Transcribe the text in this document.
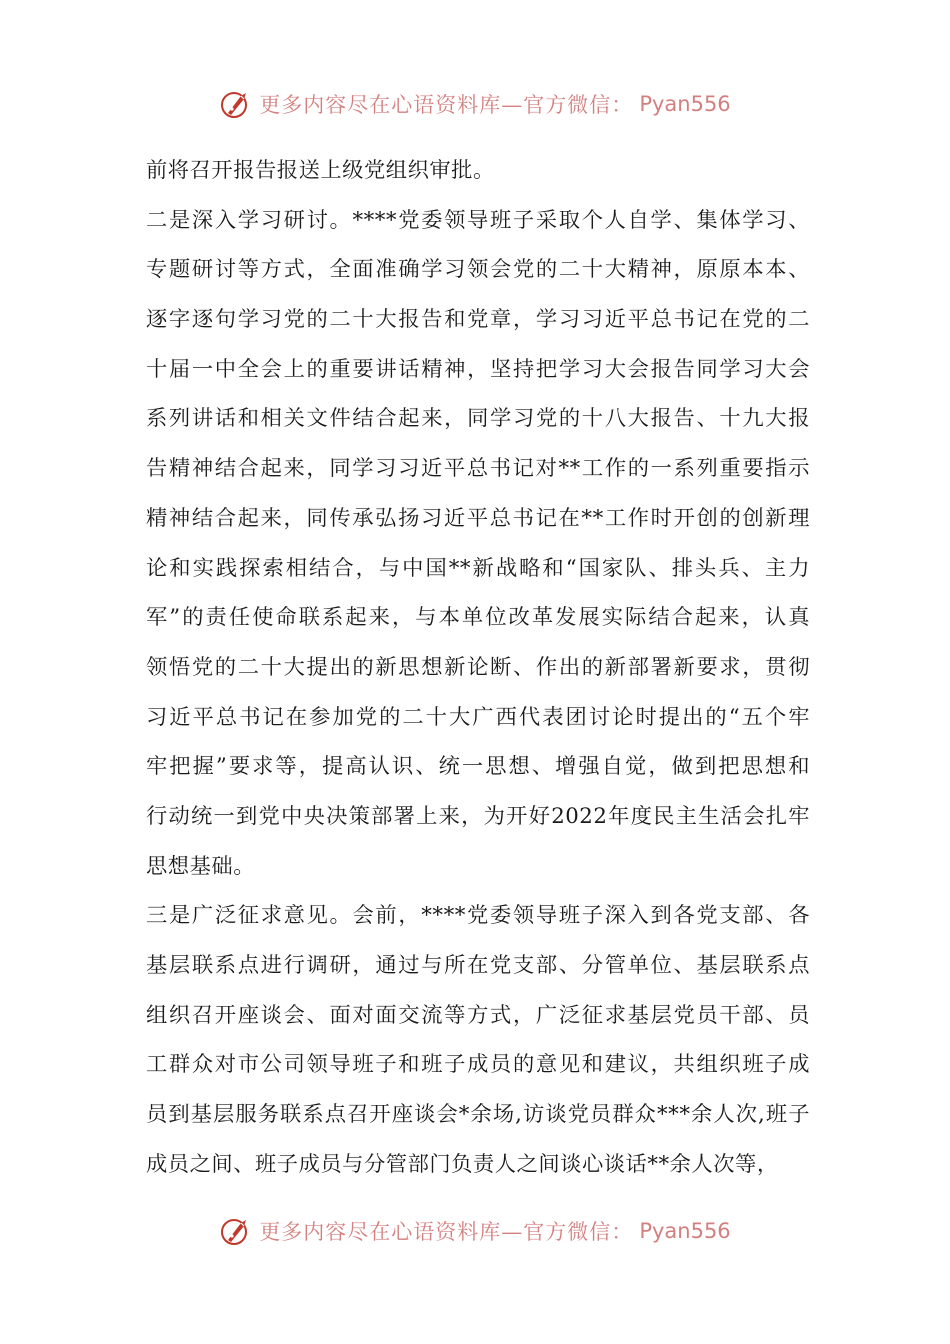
更多内容尽在心语资料库—官方微信： Pyan556
前将召开报告报送上级党组织审批。
二是深入学习研讨。****党委领导班子采取个人自学、集体学习、
专题研讨等方式，全面准确学习领会党的二十大精神，原原本本、
逐字逐句学习党的二十大报告和党章，学习习近平总书记在党的二
十届一中全会上的重要讲话精神，坚持把学习大会报告同学习大会
系列讲话和相关文件结合起来，同学习党的十八大报告、十九大报
告精神结合起来，同学习习近平总书记对**工作的一系列重要指示
精神结合起来，同传承弘扬习近平总书记在**工作时开创的创新理
论和实践探索相结合，与中国**新战略和“国家队、排头兵、主力
军”的责任使命联系起来，与本单位改革发展实际结合起来，认真
领悟党的二十大提出的新思想新论断、作出的新部署新要求，贯彻
习近平总书记在参加党的二十大广西代表团讨论时提出的“五个牢
牢把握”要求等，提高认识、统一思想、增强自觉，做到把思想和
行动统一到党中央决策部署上来，为开好2022年度民主生活会扎牢
思想基础。
三是广泛征求意见。会前，****党委领导班子深入到各党支部、各
基层联系点进行调研，通过与所在党支部、分管单位、基层联系点
组织召开座谈会、面对面交流等方式，广泛征求基层党员干部、员
工群众对市公司领导班子和班子成员的意见和建议，共组织班子成
员到基层服务联系点召开座谈会*余场,访谈党员群众***余人次,班子
成员之间、班子成员与分管部门负责人之间谈心谈话**余人次等，
更多内容尽在心语资料库—官方微信： Pyan556
